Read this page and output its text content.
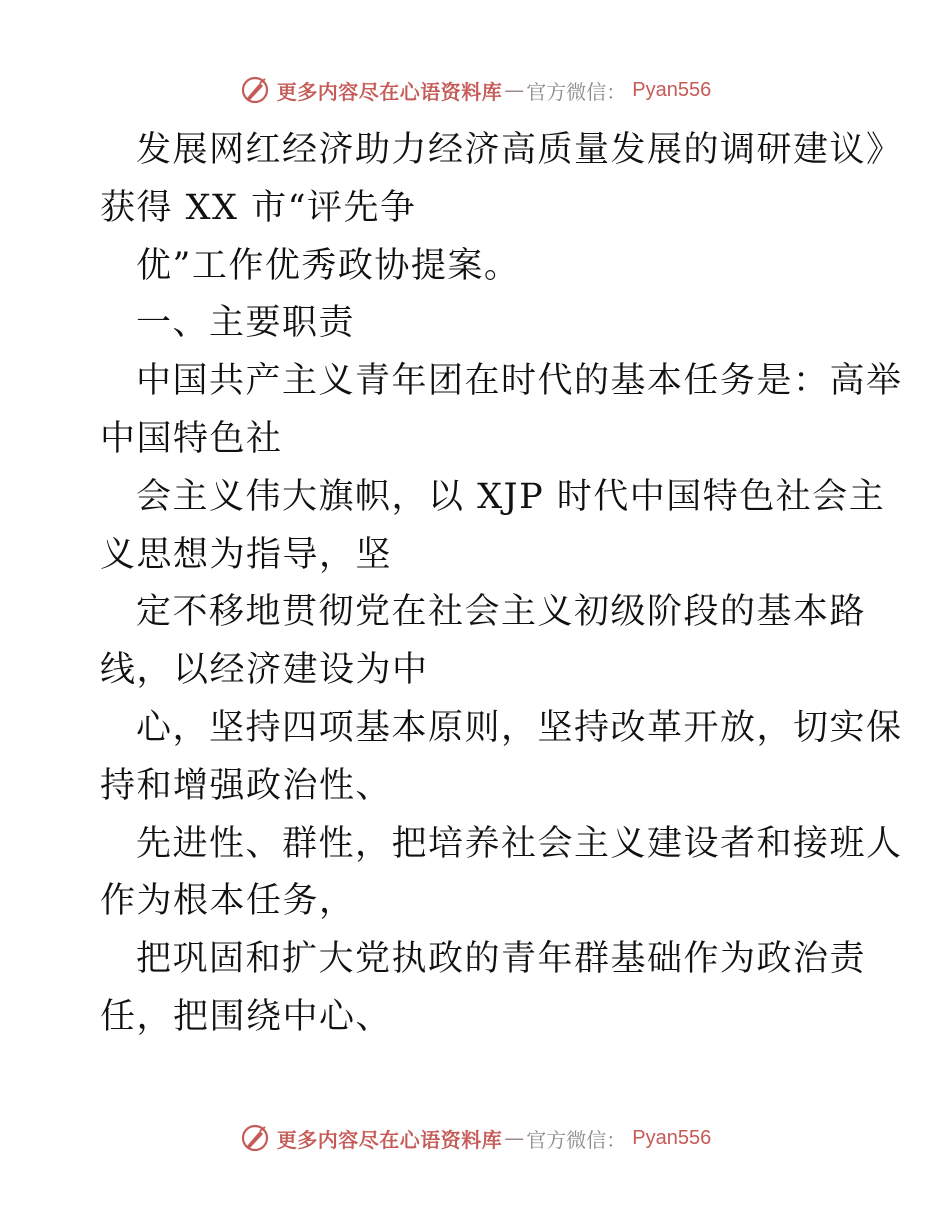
更多内容尽在心语资料库 — 官方微信： Pyan556
发展网红经济助力经济高质量发展的调研建议》
获得 XX 市“评先争
优”工作优秀政协提案。
一、主要职责
中国共产主义青年团在时代的基本任务是：高举
中国特色社
会主义伟大旗帜，以 XJP 时代中国特色社会主
义思想为指导，坚
定不移地贯彻党在社会主义初级阶段的基本路
线，以经济建设为中
心，坚持四项基本原则，坚持改革开放，切实保
持和增强政治性、
先进性、群性，把培养社会主义建设者和接班人
作为根本任务，
把巩固和扩大党执政的青年群基础作为政治责
任，把围绕中心、
更多内容尽在心语资料库 — 官方微信： Pyan556
